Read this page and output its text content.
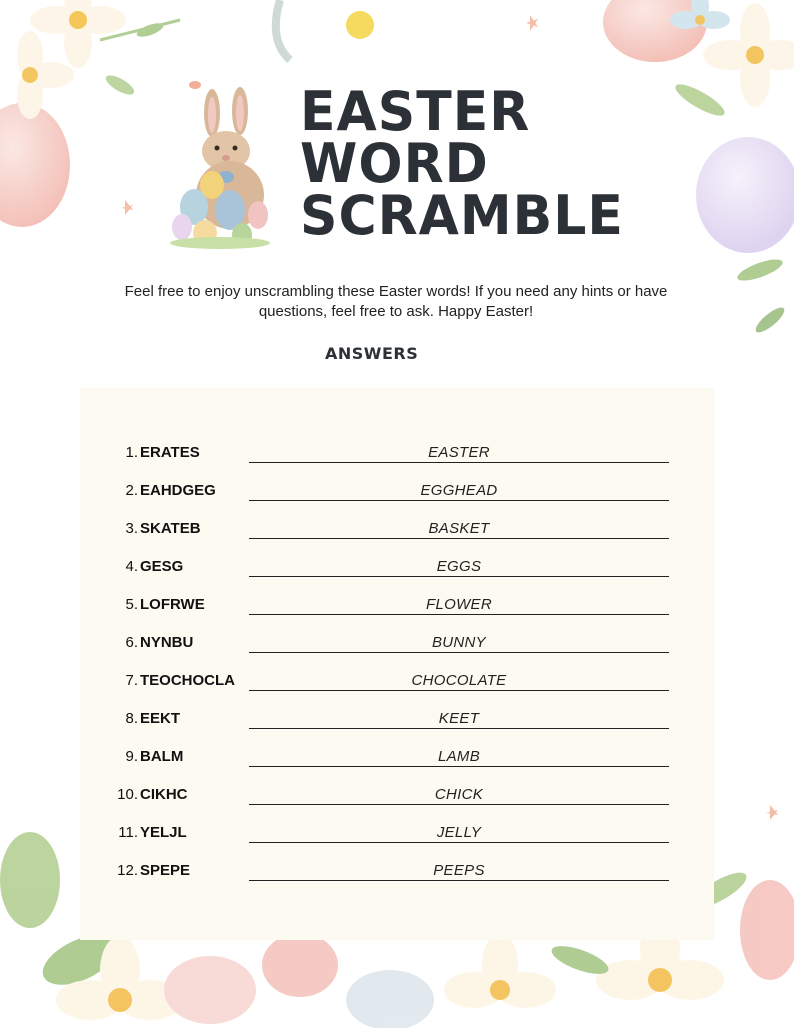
EASTER
WORD
SCRAMBLE
Feel free to enjoy unscrambling these Easter words! If you need any hints or have questions, feel free to ask. Happy Easter!
ANSWERS
1. ERATES	EASTER
2. EAHDGEG	EGGHEAD
3. SKATEB	BASKET
4. GESG	EGGS
5. LOFRWE	FLOWER
6. NYNBU	BUNNY
7. TEOCHOCLA	CHOCOLATE
8. EEKT	KEET
9. BALM	LAMB
10. CIKHC	CHICK
11. YELJL	JELLY
12. SPEPE	PEEPS
